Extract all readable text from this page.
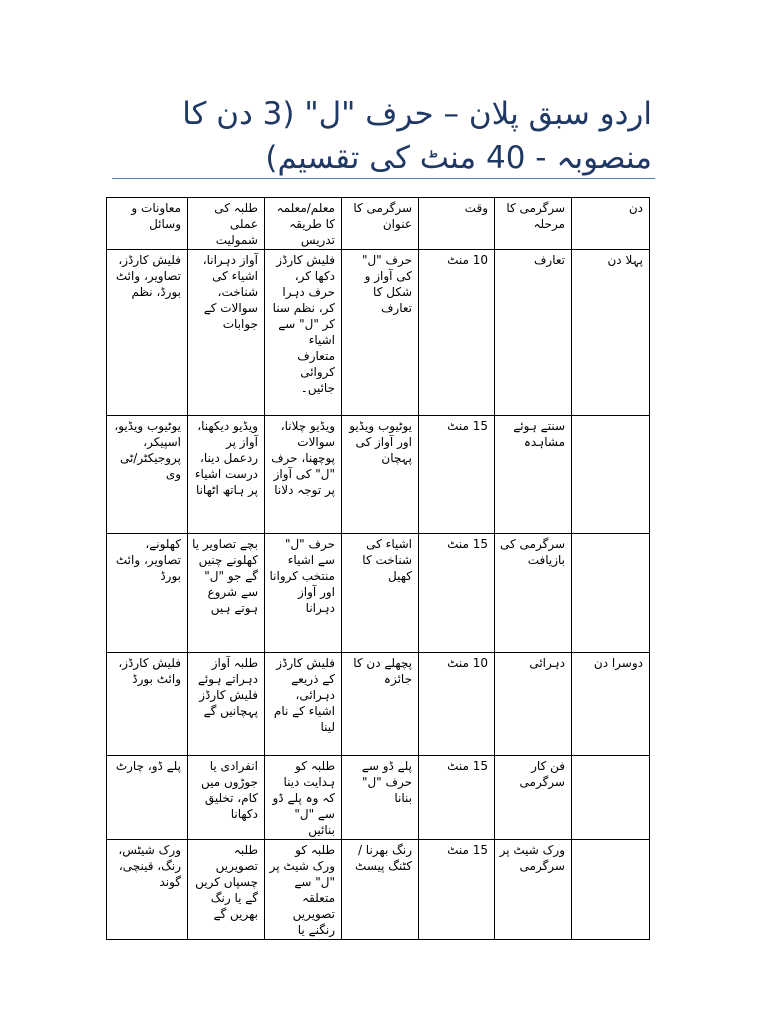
اردو سبق پلان – حرف "ل" (3 دن کا
منصوبہ - 40 منٹ کی تقسیم)
دن	سرگرمی کا مرحلہ	وقت	سرگرمی کا عنوان	معلم/معلمہ کا طریقہ تدریس	طلبہ کی عملی شمولیت	معاونات و وسائل
پہلا دن	تعارف	10 منٹ	حرف "ل" کی آواز و شکل کا تعارف	فلیش کارڈز دکھا کر، حرف دہرا کر، نظم سنا کر "ل" سے اشیاء متعارف کروائی جائیں۔	آواز دہرانا، اشیاء کی شناخت، سوالات کے جوابات	فلیش کارڈز، تصاویر، وائٹ بورڈ، نظم
	سنتے ہوئے مشاہدہ	15 منٹ	یوٹیوب ویڈیو اور آواز کی پہچان	ویڈیو چلانا، سوالات پوچھنا، حرف "ل" کی آواز پر توجہ دلانا	ویڈیو دیکھنا، آواز پر ردعمل دینا، درست اشیاء پر ہاتھ اٹھانا	یوٹیوب ویڈیو، اسپیکر، پروجیکٹر/ٹی وی
	سرگرمی کی بازیافت	15 منٹ	اشیاء کی شناخت کا کھیل	حرف "ل" سے اشیاء منتخب کروانا اور آواز دہرانا	بچے تصاویر یا کھلونے چنیں گے جو "ل" سے شروع ہوتے ہیں	کھلونے، تصاویر، وائٹ بورڈ
دوسرا دن	دہرائی	10 منٹ	پچھلے دن کا جائزہ	فلیش کارڈز کے ذریعے دہرائی، اشیاء کے نام لینا	طلبہ آواز دہراتے ہوئے فلیش کارڈز پہچانیں گے	فلیش کارڈز، وائٹ بورڈ
	فن کار سرگرمی	15 منٹ	پلے ڈو سے حرف "ل" بنانا	طلبہ کو ہدایت دینا کہ وہ پلے ڈو سے "ل" بنائیں	انفرادی یا جوڑوں میں کام، تخلیق دکھانا	پلے ڈو، چارٹ
	ورک شیٹ پر سرگرمی	15 منٹ	رنگ بھرنا / کٹنگ پیسٹ	طلبہ کو ورک شیٹ پر "ل" سے متعلقہ تصویریں رنگنے یا	طلبہ تصویریں چسپاں کریں گے یا رنگ بھریں گے	ورک شیٹس، رنگ، قینچی، گوند
